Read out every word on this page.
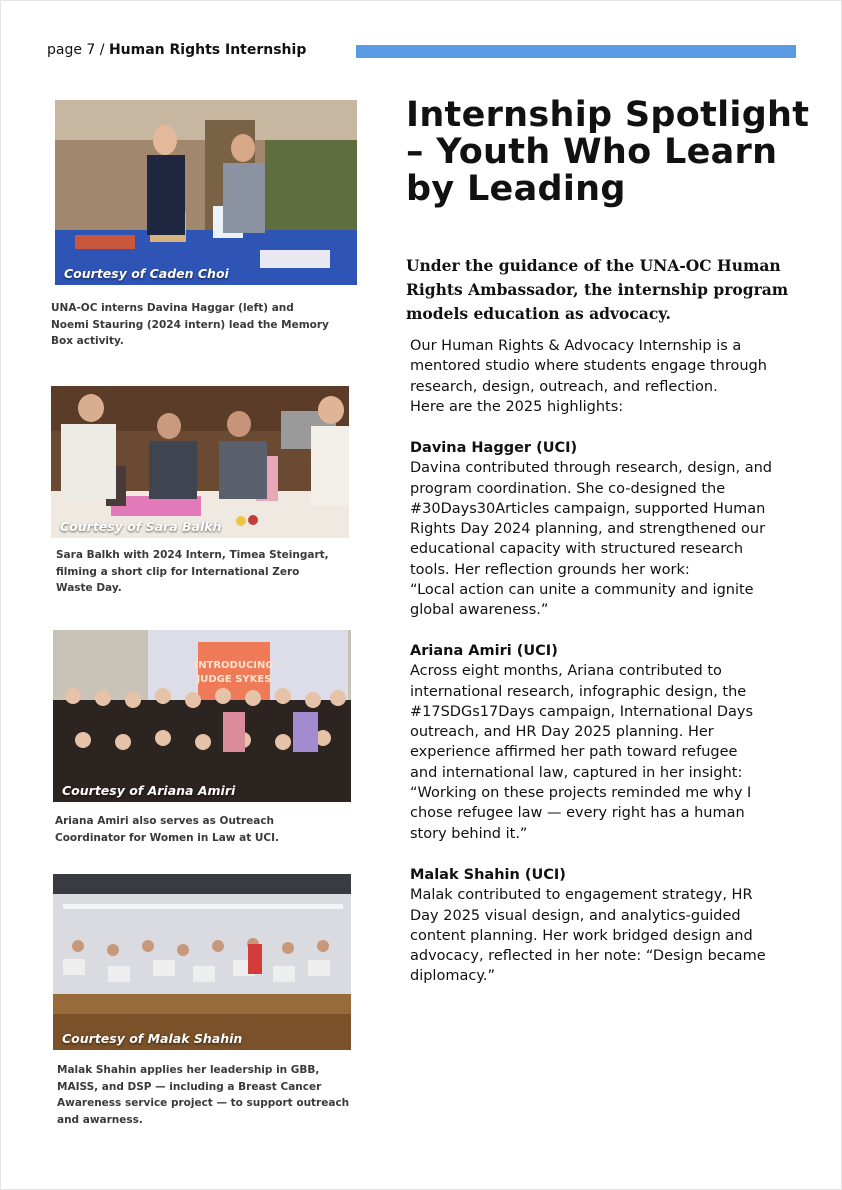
page 7 / Human Rights Internship
Courtesy of Caden Choi
UNA-OC interns Davina Haggar (left) and
Noemi Stauring (2024 intern) lead the Memory
Box activity.
Courtesy of Sara Balkh
Sara Balkh with 2024 Intern, Timea Steingart,
filming a short clip for International Zero
Waste Day.
INTRODUCING
JUDGE SYKES
Courtesy of Ariana Amiri
Ariana Amiri also serves as Outreach
Coordinator for Women in Law at UCI.
Courtesy of Malak Shahin
Malak Shahin applies her leadership in GBB,
MAISS, and DSP — including a Breast Cancer
Awareness service project — to support outreach
and awarness.
Internship Spotlight
– Youth Who Learn
by Leading
Under the guidance of the UNA-OC Human
Rights Ambassador, the internship program
models education as advocacy.
Our Human Rights & Advocacy Internship is a
mentored studio where students engage through
research, design, outreach, and reflection.
Here are the 2025 highlights:
Davina Hagger (UCI)
Davina contributed through research, design, and
program coordination. She co-designed the
#30Days30Articles campaign, supported Human
Rights Day 2024 planning, and strengthened our
educational capacity with structured research
tools. Her reflection grounds her work:
“Local action can unite a community and ignite
global awareness.”
Ariana Amiri (UCI)
Across eight months, Ariana contributed to
international research, infographic design, the
#17SDGs17Days campaign, International Days
outreach, and HR Day 2025 planning. Her
experience affirmed her path toward refugee
and international law, captured in her insight:
“Working on these projects reminded me why I
chose refugee law — every right has a human
story behind it.”
Malak Shahin (UCI)
Malak contributed to engagement strategy, HR
Day 2025 visual design, and analytics-guided
content planning. Her work bridged design and
advocacy, reflected in her note: “Design became
diplomacy.”
